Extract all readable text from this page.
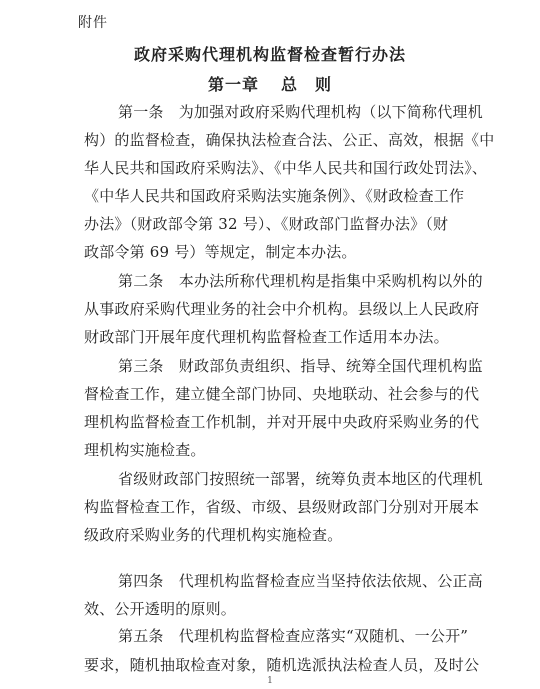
附件
政府采购代理机构监督检查暂行办法
第一章 总　则
第一条　为加强对政府采购代理机构（以下简称代理机
构）的监督检查，确保执法检查合法、公正、高效，根据《中
华人民共和国政府采购法》、《中华人民共和国行政处罚法》、
《中华人民共和国政府采购法实施条例》、《财政检查工作
办法》（财政部令第 32 号）、《财政部门监督办法》（财
政部令第 69 号）等规定，制定本办法。
第二条　本办法所称代理机构是指集中采购机构以外的
从事政府采购代理业务的社会中介机构。县级以上人民政府
财政部门开展年度代理机构监督检查工作适用本办法。
第三条　财政部负责组织、指导、统筹全国代理机构监
督检查工作，建立健全部门协同、央地联动、社会参与的代
理机构监督检查工作机制，并对开展中央政府采购业务的代
理机构实施检查。
省级财政部门按照统一部署，统筹负责本地区的代理机
构监督检查工作，省级、市级、县级财政部门分别对开展本
级政府采购业务的代理机构实施检查。
1
第四条　代理机构监督检查应当坚持依法依规、公正高
效、公开透明的原则。
第五条　代理机构监督检查应落实“双随机、一公开”
要求，随机抽取检查对象，随机选派执法检查人员，及时公
